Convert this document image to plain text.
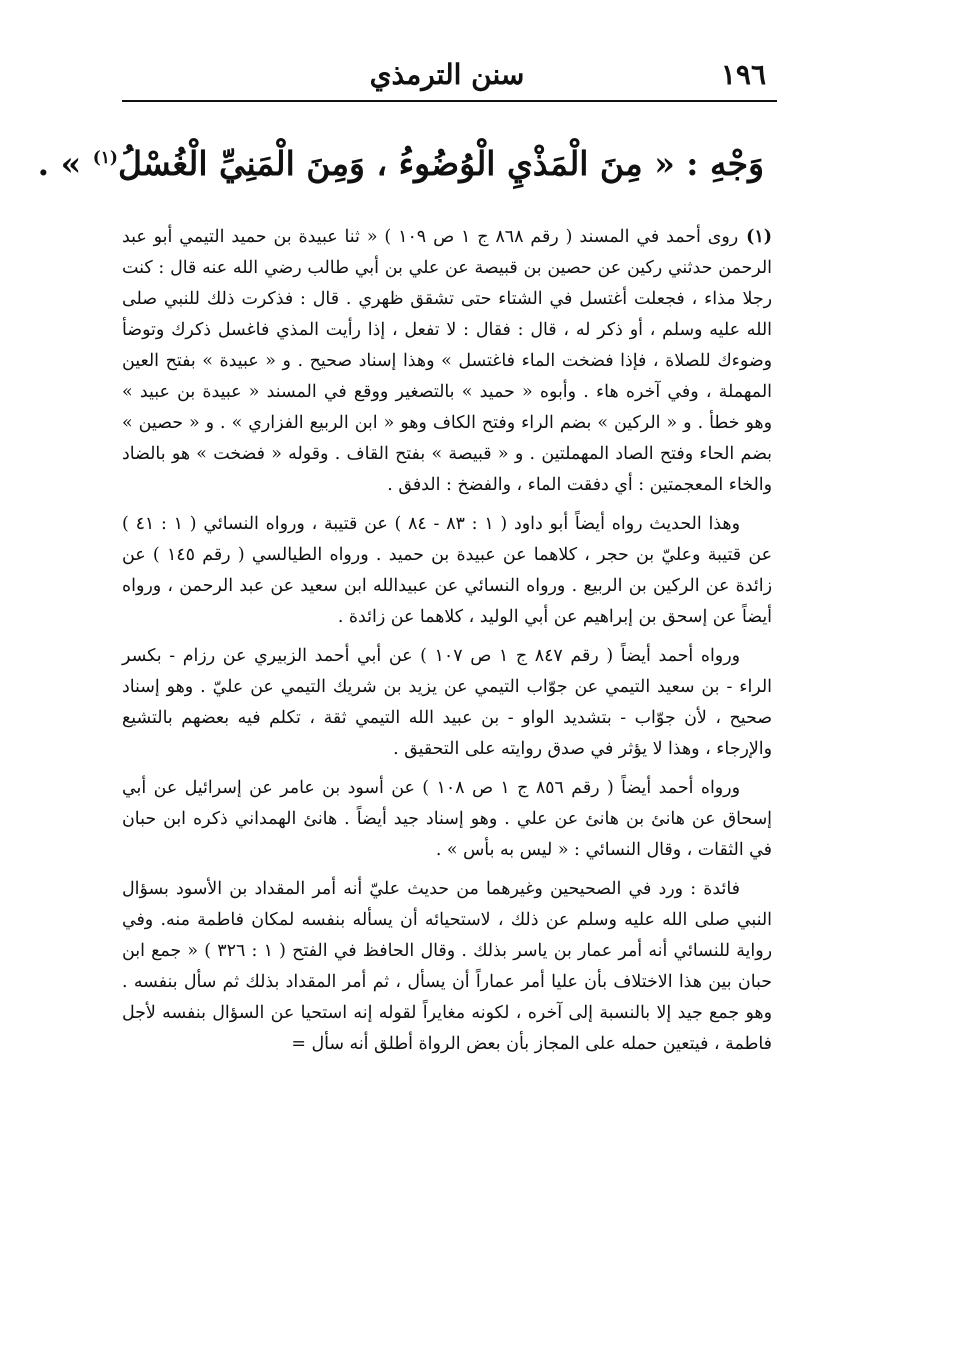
١٩٦
سنن الترمذي
وَجْهِ : « مِنَ الْمَذْيِ الْوُضُوءُ ، وَمِنَ الْمَنِيِّ الْغُسْلُ$^{(١)}$ » .

(١)روى أحمد في المسند ( رقم ٨٦٨ ج ١ ص ١٠٩ ) « ثنا عبيدة بن حميد التيمي أبو عبد الرحمن حدثني ركين عن حصين بن قبيصة عن علي بن أبي طالب رضي الله عنه قال : كنت رجلا مذاء ، فجعلت أغتسل في الشتاء حتى تشقق ظهري . قال : فذكرت ذلك للنبي صلى الله عليه وسلم ، أو ذكر له ، قال : فقال : لا تفعل ، إذا رأيت المذي فاغسل ذكرك وتوضأ وضوءك للصلاة ، فإذا فضخت الماء فاغتسل » وهذا إسناد صحيح . و « عبيدة » بفتح العين المهملة ، وفي آخره هاء . وأبوه « حميد » بالتصغير ووقع في المسند « عبيدة بن عبيد » وهو خطأ . و « الركين » بضم الراء وفتح الكاف وهو « ابن الربيع الفزاري » . و « حصين » بضم الحاء وفتح الصاد المهملتين . و « قبيصة » بفتح القاف . وقوله « فضخت » هو بالضاد والخاء المعجمتين : أي دفقت الماء ، والفضخ : الدفق .

وهذا الحديث رواه أيضاً أبو داود ( ١ : ٨٣ - ٨٤ ) عن قتيبة ، ورواه النسائي ( ١ : ٤١ ) عن قتيبة وعليّ بن حجر ، كلاهما عن عبيدة بن حميد . ورواه الطيالسي ( رقم ١٤٥ ) عن زائدة عن الركين بن الربيع . ورواه النسائي عن عبيدالله ابن سعيد عن عبد الرحمن ، ورواه أيضاً عن إسحق بن إبراهيم عن أبي الوليد ، كلاهما عن زائدة .

ورواه أحمد أيضاً ( رقم ٨٤٧ ج ١ ص ١٠٧ ) عن أبي أحمد الزبيري عن رزام - بكسر الراء - بن سعيد التيمي عن جوّاب التيمي عن يزيد بن شريك التيمي عن عليّ . وهو إسناد صحيح ، لأن جوّاب - بتشديد الواو - بن عبيد الله التيمي ثقة ، تكلم فيه بعضهم بالتشيع والإرجاء ، وهذا لا يؤثر في صدق روايته على التحقيق .

ورواه أحمد أيضاً ( رقم ٨٥٦ ج ١ ص ١٠٨ ) عن أسود بن عامر عن إسرائيل عن أبي إسحاق عن هانئ بن هانئ عن علي . وهو إسناد جيد أيضاً . هانئ الهمداني ذكره ابن حبان في الثقات ، وقال النسائي : « ليس به بأس » .

فائدة : ورد في الصحيحين وغيرهما من حديث عليّ أنه أمر المقداد بن الأسود بسؤال النبي صلى الله عليه وسلم عن ذلك ، لاستحيائه أن يسأله بنفسه لمكان فاطمة منه. وفي رواية للنسائي أنه أمر عمار بن ياسر بذلك . وقال الحافظ في الفتح ( ١ : ٣٢٦ ) « جمع ابن حبان بين هذا الاختلاف بأن عليا أمر عماراً أن يسأل ، ثم أمر المقداد بذلك ثم سأل بنفسه . وهو جمع جيد إلا بالنسبة إلى آخره ، لكونه مغايراً لقوله إنه استحيا عن السؤال بنفسه لأجل فاطمة ، فيتعين حمله على المجاز بأن بعض الرواة أطلق أنه سأل =
